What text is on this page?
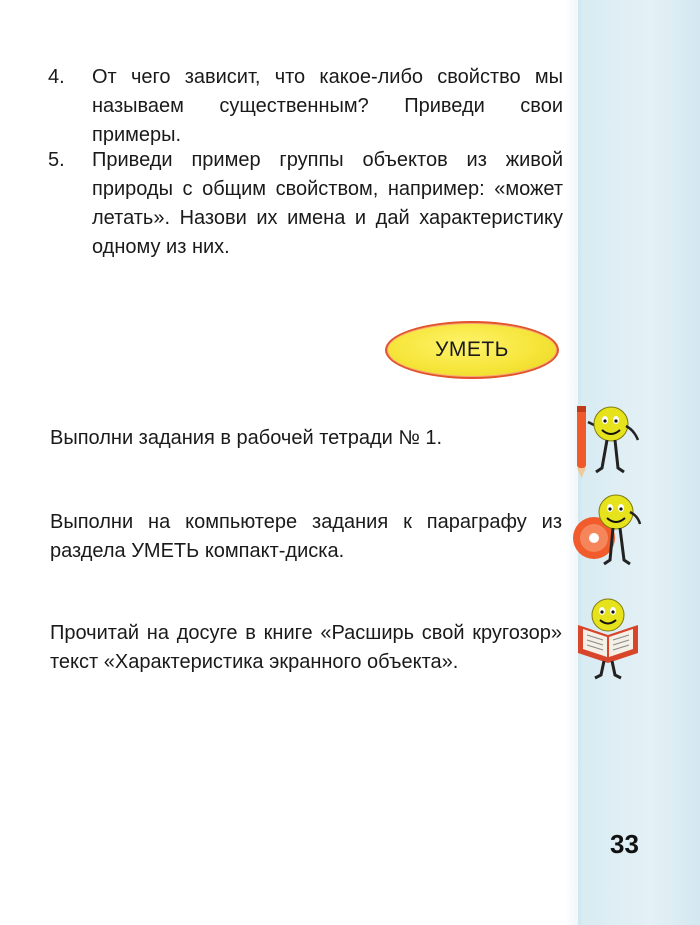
4. От чего зависит, что какое-либо свойство мы называем существенным? Приведи свои примеры.
5. Приведи пример группы объектов из живой природы с общим свойством, например: «может летать». Назови их имена и дай характеристику одному из них.
УМЕТЬ
Выполни задания в рабочей тетради № 1.
Выполни на компьютере задания к параграфу из раздела УМЕТЬ компакт-диска.
Прочитай на досуге в книге «Расширь свой кругозор» текст «Характеристика экранного объекта».
33
